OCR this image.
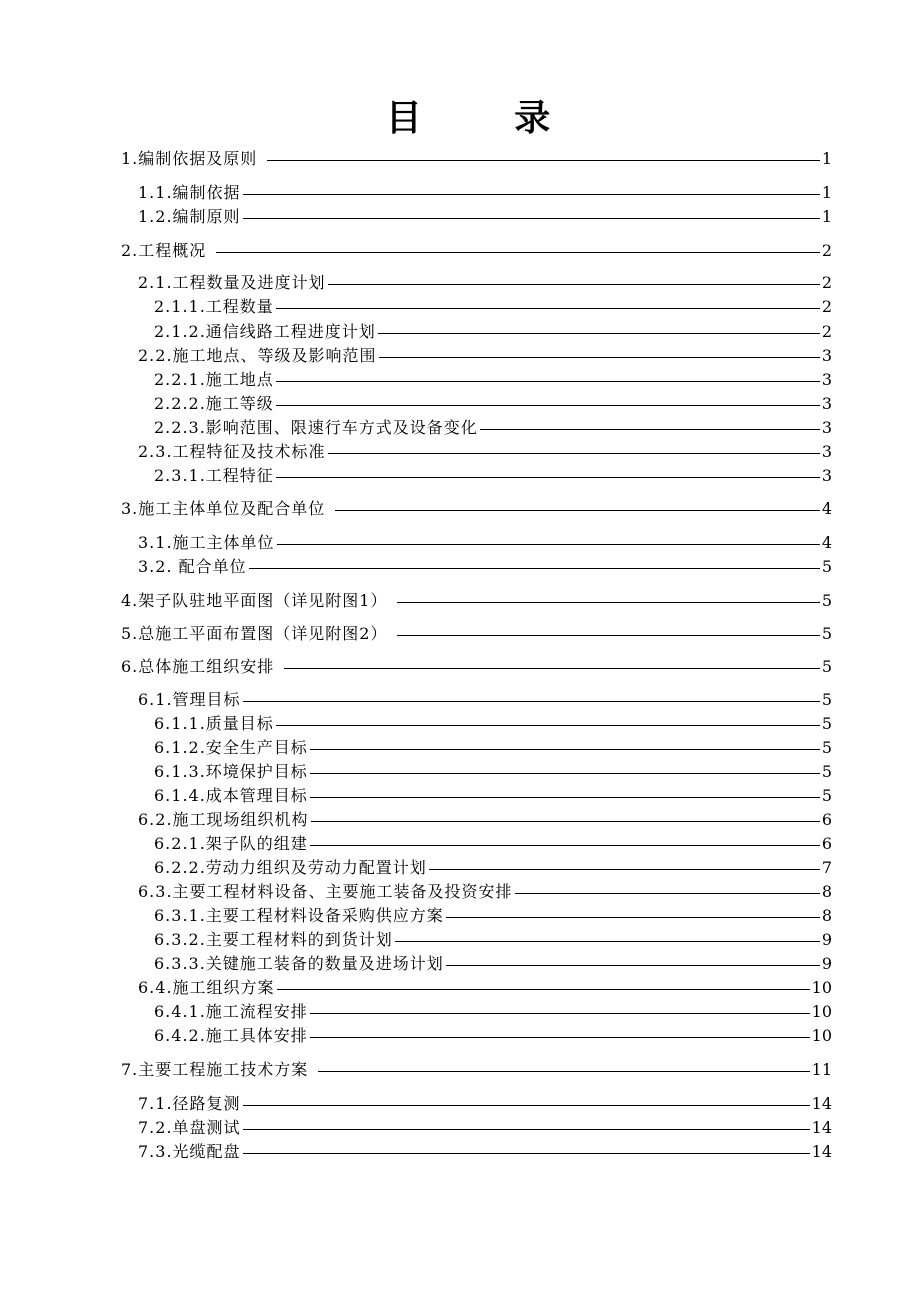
目 录
1.编制依据及原则	1
1.1.编制依据	1
1.2.编制原则	1
2.工程概况	2
2.1.工程数量及进度计划	2
2.1.1.工程数量	2
2.1.2.通信线路工程进度计划	2
2.2.施工地点、等级及影响范围	3
2.2.1.施工地点	3
2.2.2.施工等级	3
2.2.3.影响范围、限速行车方式及设备变化	3
2.3.工程特征及技术标准	3
2.3.1.工程特征	3
3.施工主体单位及配合单位	4
3.1.施工主体单位	4
3.2. 配合单位	5
4.架子队驻地平面图（详见附图1）	5
5.总施工平面布置图（详见附图2）	5
6.总体施工组织安排	5
6.1.管理目标	5
6.1.1.质量目标	5
6.1.2.安全生产目标	5
6.1.3.环境保护目标	5
6.1.4.成本管理目标	5
6.2.施工现场组织机构	6
6.2.1.架子队的组建	6
6.2.2.劳动力组织及劳动力配置计划	7
6.3.主要工程材料设备、主要施工装备及投资安排	8
6.3.1.主要工程材料设备采购供应方案	8
6.3.2.主要工程材料的到货计划	9
6.3.3.关键施工装备的数量及进场计划	9
6.4.施工组织方案	10
6.4.1.施工流程安排	10
6.4.2.施工具体安排	10
7.主要工程施工技术方案	11
7.1.径路复测	14
7.2.单盘测试	14
7.3.光缆配盘	14
